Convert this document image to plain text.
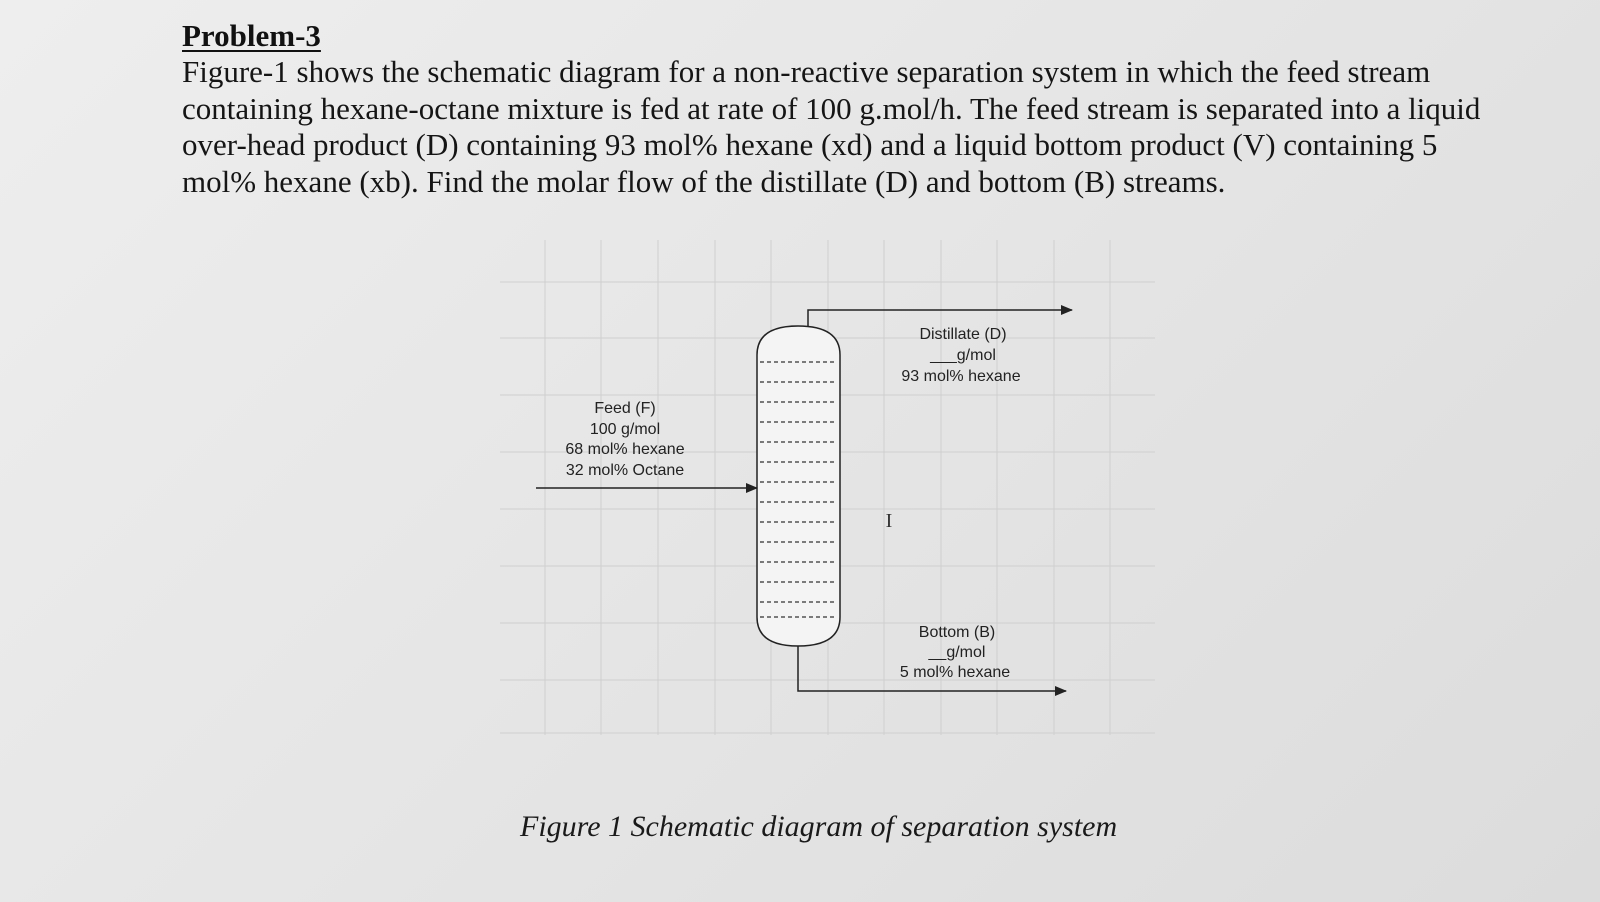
Problem-3

Figure-1 shows the schematic diagram for a non-reactive separation system in which the feed stream

containing hexane-octane mixture is fed at rate of 100 g.mol/h. The feed stream is separated into a liquid

over-head product (D) containing 93 mol% hexane (xd) and a liquid bottom product (V) containing 5

mol% hexane (xb). Find the molar flow of the distillate (D) and bottom (B) streams.

Feed (F)
100 g/mol
68 mol% hexane
32 mol% Octane
Distillate (D)
___g/mol
93 mol% hexane
Bottom (B)
__g/mol
5 mol% hexane
I
Figure 1 Schematic diagram of separation system
